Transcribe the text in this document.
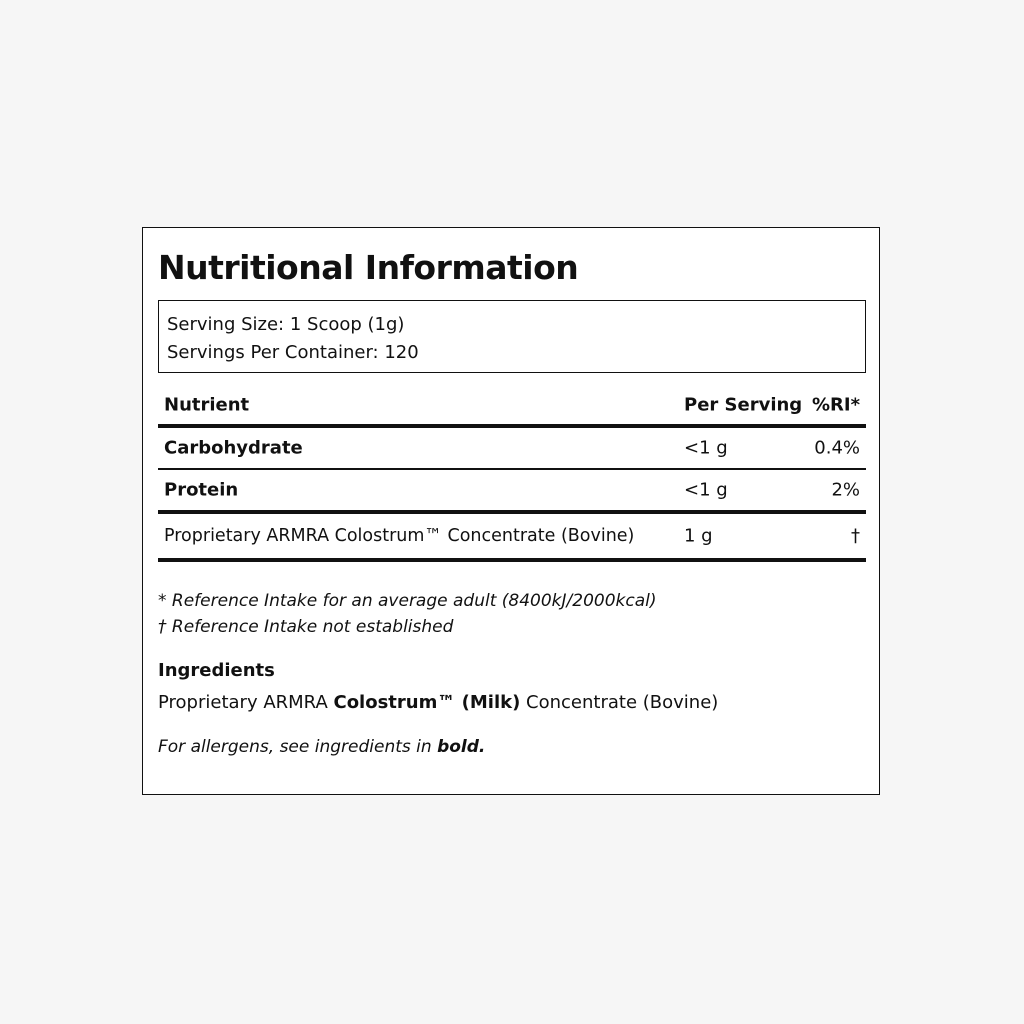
Nutritional Information
Serving Size: 1 Scoop (1g)
Servings Per Container: 120
Nutrient	Per Serving %RI*
Carbohydrate	<1 g	0.4%
Protein	<1 g	2%
Proprietary ARMRA Colostrum™ Concentrate (Bovine)	1 g	†
* Reference Intake for an average adult (8400kJ/2000kcal)
† Reference Intake not established
Ingredients
Proprietary ARMRA Colostrum™ (Milk) Concentrate (Bovine)
For allergens, see ingredients in bold.
